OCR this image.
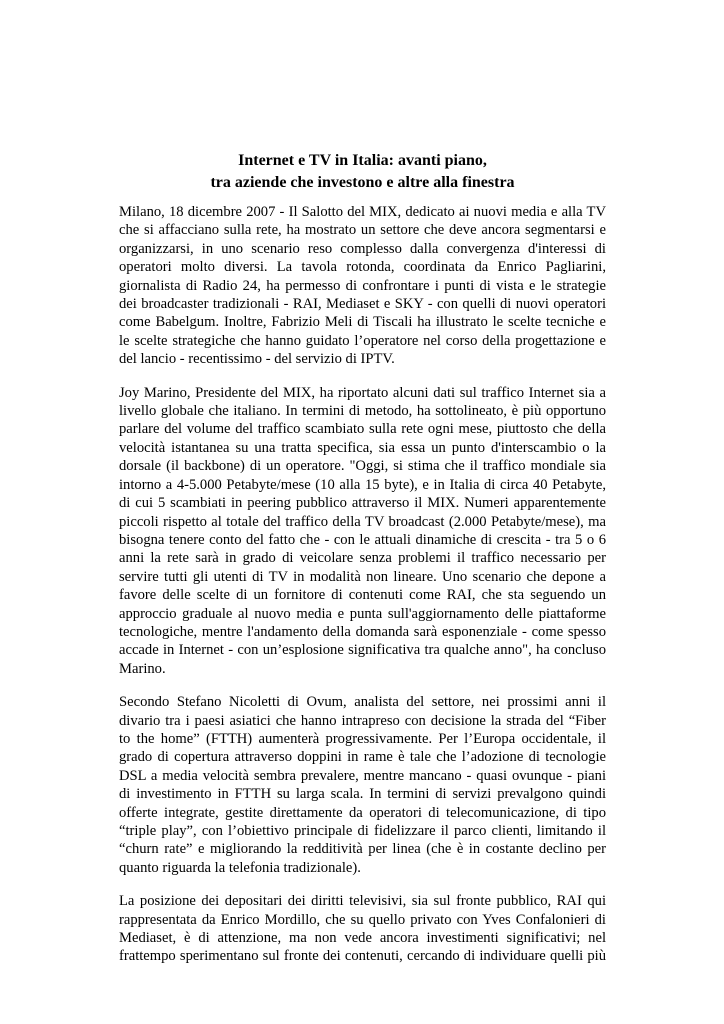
Internet e TV in Italia: avanti piano,
tra aziende che investono e altre alla finestra
Milano, 18 dicembre 2007 - Il Salotto del MIX, dedicato ai nuovi media e alla TV
che si affacciano sulla rete, ha mostrato un settore che deve ancora segmentarsi e
organizzarsi, in uno scenario reso complesso dalla convergenza d'interessi di
operatori molto diversi. La tavola rotonda, coordinata da Enrico Pagliarini,
giornalista di Radio 24, ha permesso di confrontare i punti di vista e le strategie
dei broadcaster tradizionali - RAI, Mediaset e SKY - con quelli di nuovi operatori
come Babelgum. Inoltre, Fabrizio Meli di Tiscali ha illustrato le scelte tecniche e
le scelte strategiche che hanno guidato l’operatore nel corso della progettazione e
del lancio - recentissimo - del servizio di IPTV.
Joy Marino, Presidente del MIX, ha riportato alcuni dati sul traffico Internet sia a
livello globale che italiano. In termini di metodo, ha sottolineato, è più opportuno
parlare del volume del traffico scambiato sulla rete ogni mese, piuttosto che della
velocità istantanea su una tratta specifica, sia essa un punto d'interscambio o la
dorsale (il backbone) di un operatore. "Oggi, si stima che il traffico mondiale sia
intorno a 4-5.000 Petabyte/mese (10 alla 15 byte), e in Italia di circa 40 Petabyte,
di cui 5 scambiati in peering pubblico attraverso il MIX. Numeri apparentemente
piccoli rispetto al totale del traffico della TV broadcast (2.000 Petabyte/mese), ma
bisogna tenere conto del fatto che - con le attuali dinamiche di crescita - tra 5 o 6
anni la rete sarà in grado di veicolare senza problemi il traffico necessario per
servire tutti gli utenti di TV in modalità non lineare. Uno scenario che depone a
favore delle scelte di un fornitore di contenuti come RAI, che sta seguendo un
approccio graduale al nuovo media e punta sull'aggiornamento delle piattaforme
tecnologiche, mentre l'andamento della domanda sarà esponenziale - come spesso
accade in Internet - con un’esplosione significativa tra qualche anno", ha concluso
Marino.
Secondo Stefano Nicoletti di Ovum, analista del settore, nei prossimi anni il
divario tra i paesi asiatici che hanno intrapreso con decisione la strada del “Fiber
to the home” (FTTH) aumenterà progressivamente. Per l’Europa occidentale, il
grado di copertura attraverso doppini in rame è tale che l’adozione di tecnologie
DSL a media velocità sembra prevalere, mentre mancano - quasi ovunque - piani
di investimento in FTTH su larga scala. In termini di servizi prevalgono quindi
offerte integrate, gestite direttamente da operatori di telecomunicazione, di tipo
“triple play”, con l’obiettivo principale di fidelizzare il parco clienti, limitando il
“churn rate” e migliorando la redditività per linea (che è in costante declino per
quanto riguarda la telefonia tradizionale).
La posizione dei depositari dei diritti televisivi, sia sul fronte pubblico, RAI qui
rappresentata da Enrico Mordillo, che su quello privato con Yves Confalonieri di
Mediaset, è di attenzione, ma non vede ancora investimenti significativi; nel
frattempo sperimentano sul fronte dei contenuti, cercando di individuare quelli più
